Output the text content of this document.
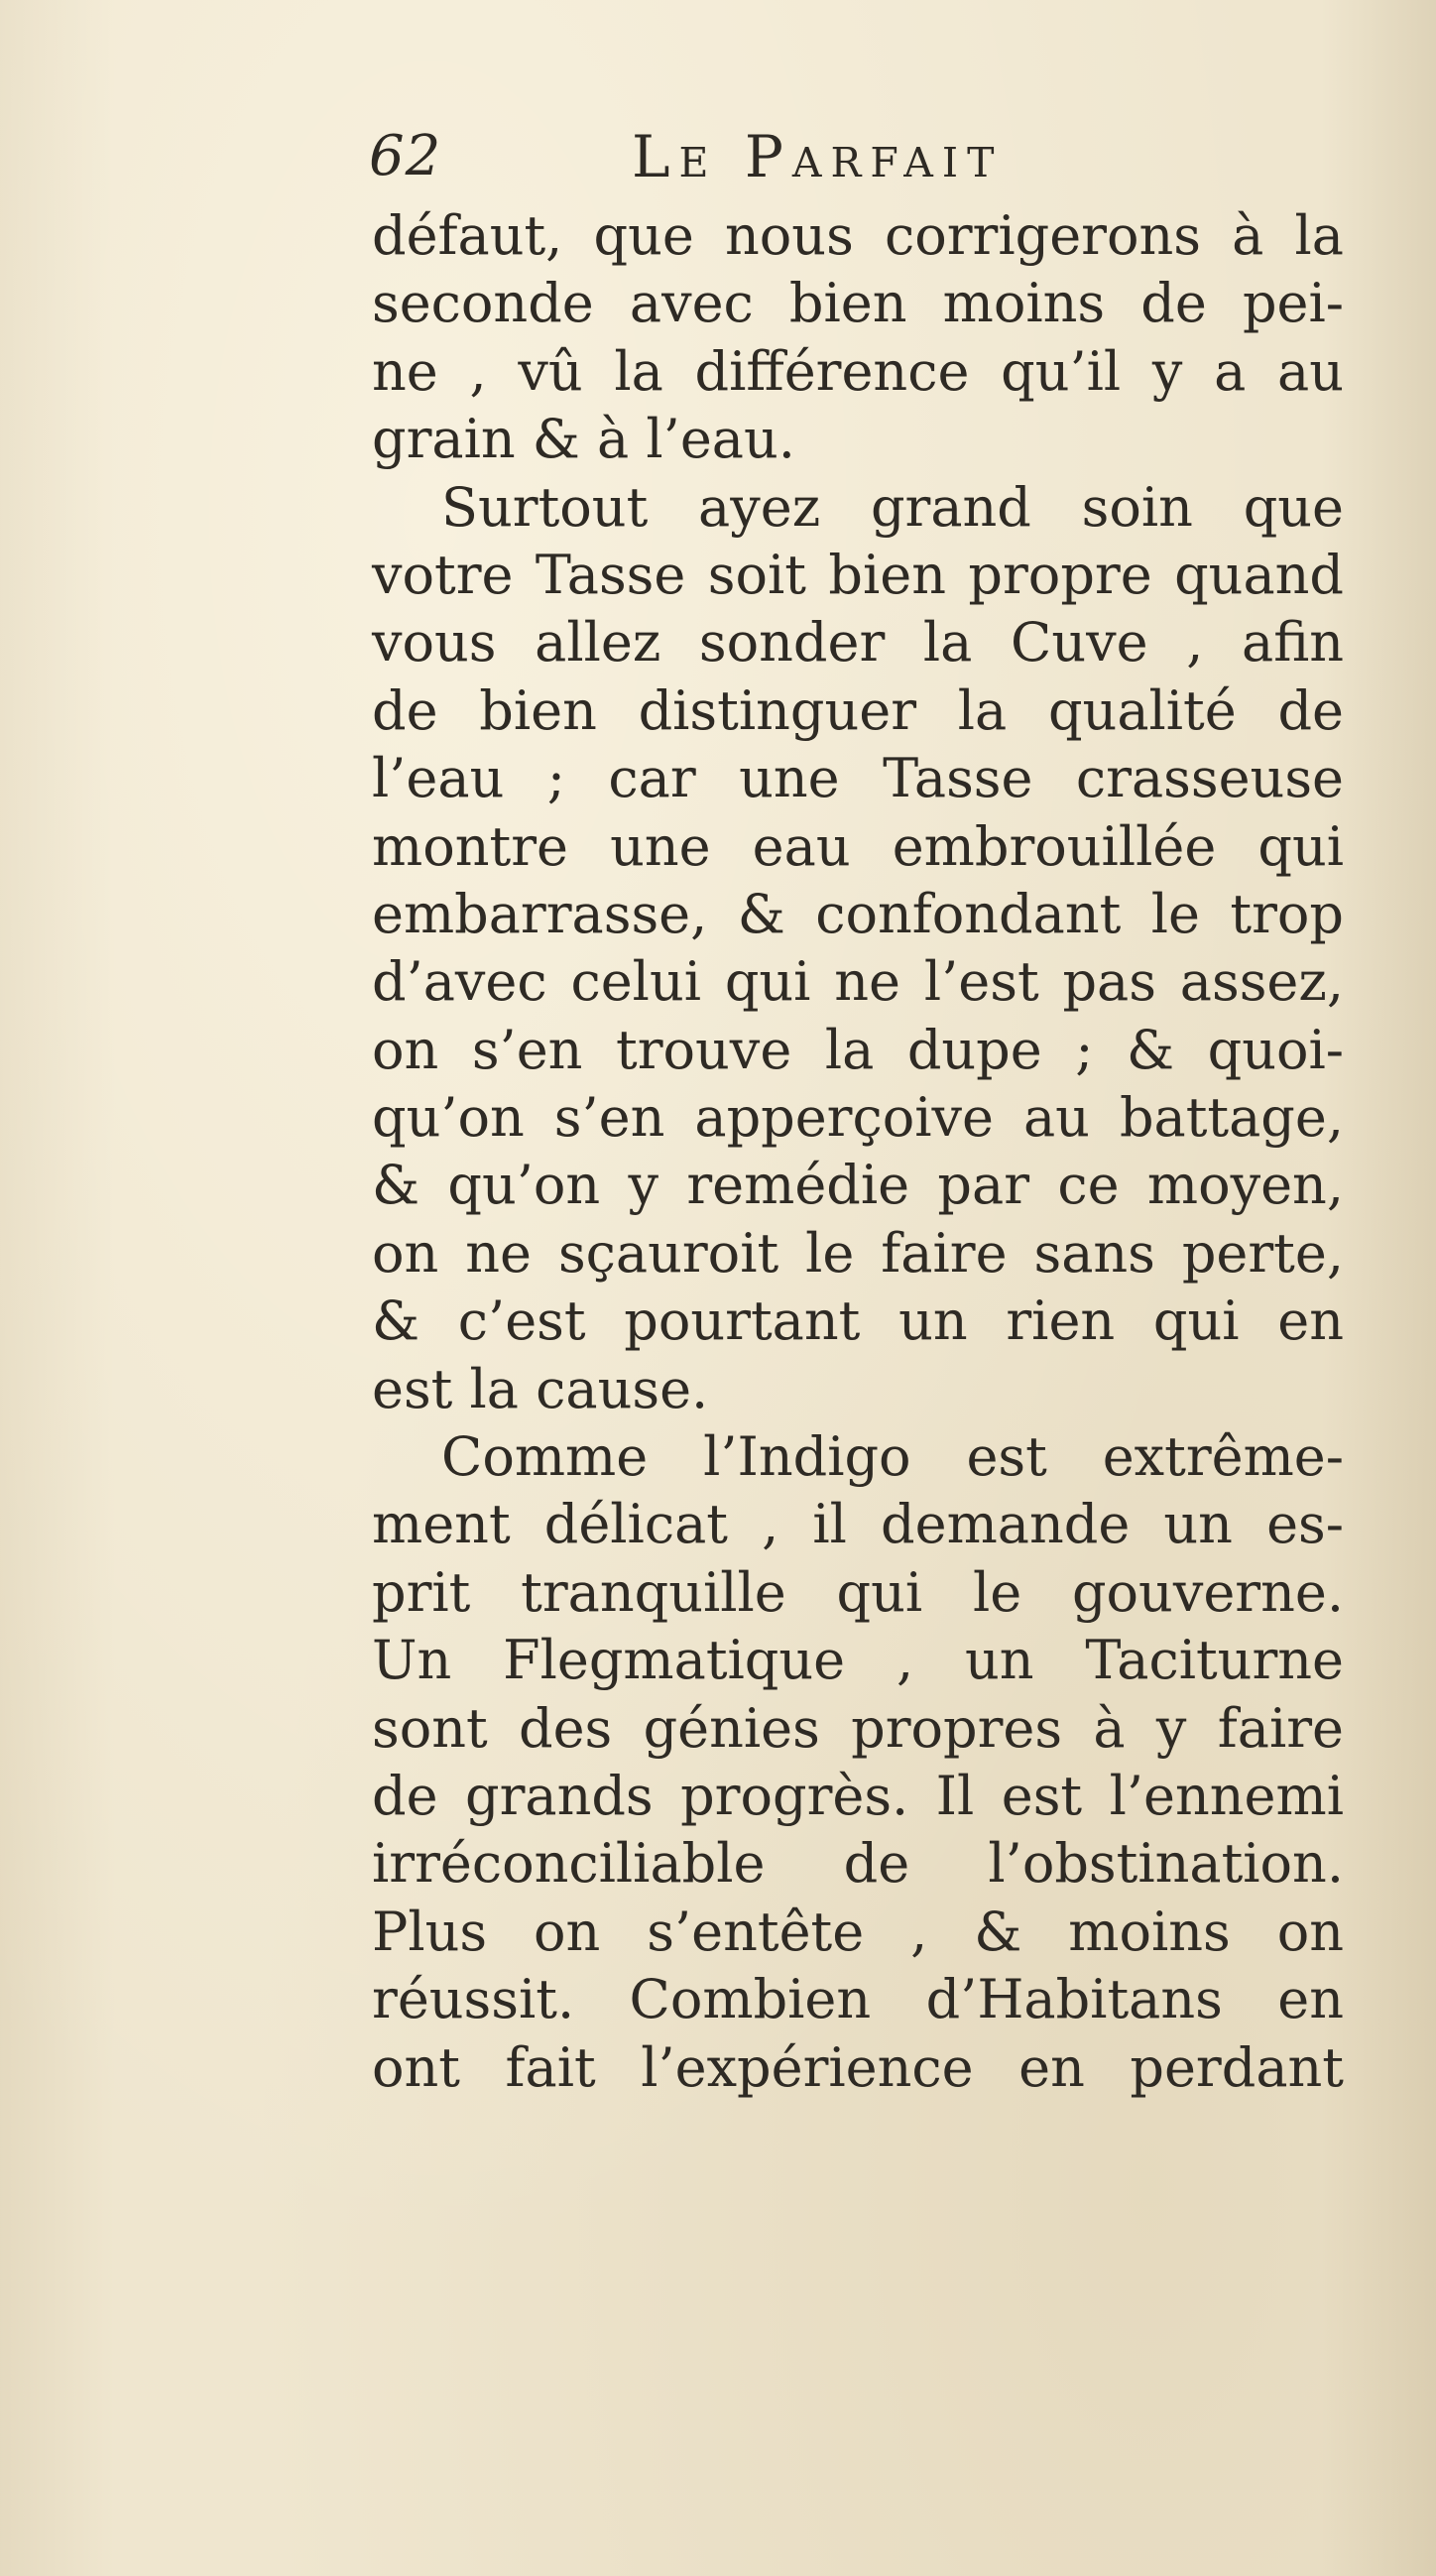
62	Le Parfait
défaut, que nous corrigerons à la
seconde avec bien moins de pei-
ne , vû la différence qu’il y a au
grain & à l’eau.
Surtout ayez grand soin que
votre Tasse soit bien propre quand
vous allez sonder la Cuve , afin
de bien distinguer la qualité de
l’eau ; car une Tasse crasseuse
montre une eau embrouillée qui
embarrasse, & confondant le trop
d’avec celui qui ne l’est pas assez,
on s’en trouve la dupe ; & quoi-
qu’on s’en apperçoive au battage,
& qu’on y remédie par ce moyen,
on ne sçauroit le faire sans perte,
& c’est pourtant un rien qui en
est la cause.
Comme l’Indigo est extrême-
ment délicat , il demande un es-
prit tranquille qui le gouverne.
Un Flegmatique , un Taciturne
sont des génies propres à y faire
de grands progrès. Il est l’ennemi
irréconciliable de l’obstination.
Plus on s’entête , & moins on
réussit. Combien d’Habitans en
ont fait l’expérience en perdant
